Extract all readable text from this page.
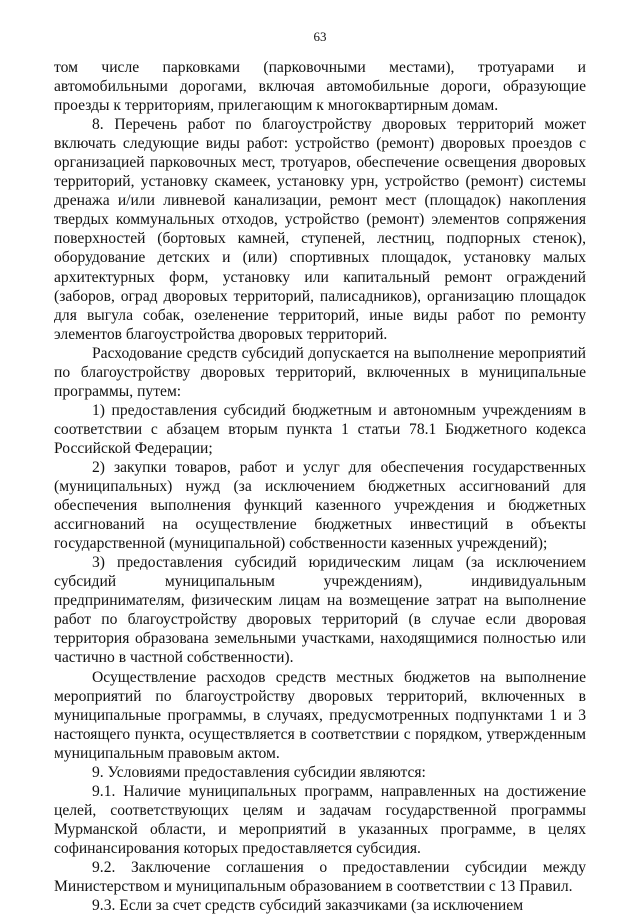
63

том числе парковками (парковочными местами), тротуарами и автомобильными дорогами, включая автомобильные дороги, образующие проезды к территориям, прилегающим к многоквартирным домам.

8. Перечень работ по благоустройству дворовых территорий может включать следующие виды работ: устройство (ремонт) дворовых проездов с организацией парковочных мест, тротуаров, обеспечение освещения дворовых территорий, установку скамеек, установку урн, устройство (ремонт) системы дренажа и/или ливневой канализации, ремонт мест (площадок) накопления твердых коммунальных отходов, устройство (ремонт) элементов сопряжения поверхностей (бортовых камней, ступеней, лестниц, подпорных стенок), оборудование детских и (или) спортивных площадок, установку малых архитектурных форм, установку или капитальный ремонт ограждений (заборов, оград дворовых территорий, палисадников), организацию площадок для выгула собак, озеленение территорий, иные виды работ по ремонту элементов благоустройства дворовых территорий.

Расходование средств субсидий допускается на выполнение мероприятий по благоустройству дворовых территорий, включенных в муниципальные программы, путем:

1) предоставления субсидий бюджетным и автономным учреждениям в соответствии с абзацем вторым пункта 1 статьи 78.1 Бюджетного кодекса Российской Федерации;

2) закупки товаров, работ и услуг для обеспечения государственных (муниципальных) нужд (за исключением бюджетных ассигнований для обеспечения выполнения функций казенного учреждения и бюджетных ассигнований на осуществление бюджетных инвестиций в объекты государственной (муниципальной) собственности казенных учреждений);

3) предоставления субсидий юридическим лицам (за исключением субсидий муниципальным учреждениям), индивидуальным предпринимателям, физическим лицам на возмещение затрат на выполнение работ по благоустройству дворовых территорий (в случае если дворовая территория образована земельными участками, находящимися полностью или частично в частной собственности).

Осуществление расходов средств местных бюджетов на выполнение мероприятий по благоустройству дворовых территорий, включенных в муниципальные программы, в случаях, предусмотренных подпунктами 1 и 3 настоящего пункта, осуществляется в соответствии с порядком, утвержденным муниципальным правовым актом.

9. Условиями предоставления субсидии являются:

9.1. Наличие муниципальных программ, направленных на достижение целей, соответствующих целям и задачам государственной программы Мурманской области, и мероприятий в указанных программе, в целях софинансирования которых предоставляется субсидия.

9.2. Заключение соглашения о предоставлении субсидии между Министерством и муниципальным образованием в соответствии с 13 Правил.

9.3. Если за счет средств субсидий заказчиками (за исключением
